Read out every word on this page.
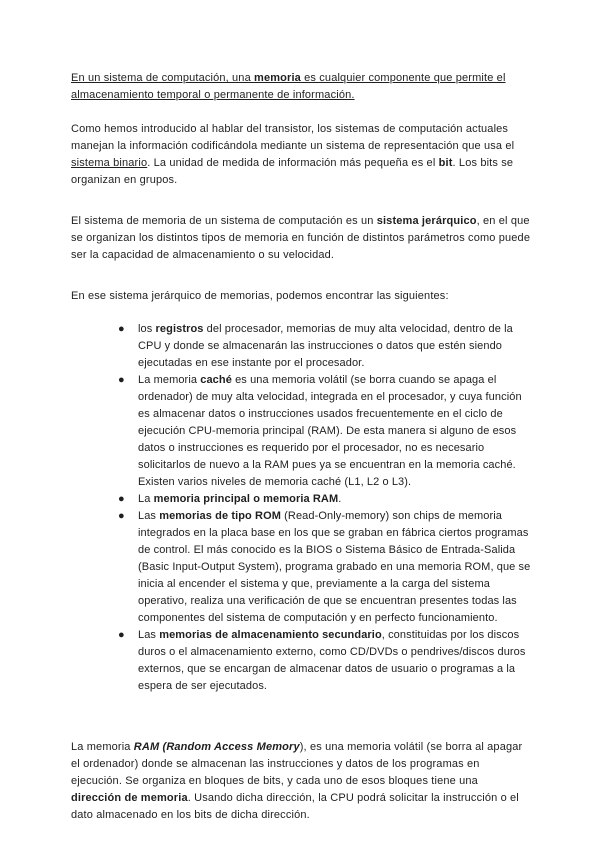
En un sistema de computación, una memoria es cualquier componente que permite el almacenamiento temporal o permanente de información.

Como hemos introducido al hablar del transistor, los sistemas de computación actuales manejan la información codificándola mediante un sistema de representación que usa el sistema binario. La unidad de medida de información más pequeña es el bit. Los bits se organizan en grupos.

El sistema de memoria de un sistema de computación es un sistema jerárquico, en el que se organizan los distintos tipos de memoria en función de distintos parámetros como puede ser la capacidad de almacenamiento o su velocidad.

En ese sistema jerárquico de memorias, podemos encontrar las siguientes:

● los registros del procesador, memorias de muy alta velocidad, dentro de la CPU y donde se almacenarán las instrucciones o datos que estén siendo ejecutadas en ese instante por el procesador.
● La memoria caché es una memoria volátil (se borra cuando se apaga el ordenador) de muy alta velocidad, integrada en el procesador, y cuya función es almacenar datos o instrucciones usados frecuentemente en el ciclo de ejecución CPU-memoria principal (RAM). De esta manera si alguno de esos datos o instrucciones es requerido por el procesador, no es necesario solicitarlos de nuevo a la RAM pues ya se encuentran en la memoria caché. Existen varios niveles de memoria caché (L1, L2 o L3).
● La memoria principal o memoria RAM.
● Las memorias de tipo ROM (Read-Only-memory) son chips de memoria integrados en la placa base en los que se graban en fábrica ciertos programas de control. El más conocido es la BIOS o Sistema Básico de Entrada-Salida (Basic Input-Output System), programa grabado en una memoria ROM, que se inicia al encender el sistema y que, previamente a la carga del sistema operativo, realiza una verificación de que se encuentran presentes todas las componentes del sistema de computación y en perfecto funcionamiento.
● Las memorias de almacenamiento secundario, constituidas por los discos duros o el almacenamiento externo, como CD/DVDs o pendrives/discos duros externos, que se encargan de almacenar datos de usuario o programas a la espera de ser ejecutados.

La memoria RAM (Random Access Memory), es una memoria volátil (se borra al apagar el ordenador) donde se almacenan las instrucciones y datos de los programas en ejecución. Se organiza en bloques de bits, y cada uno de esos bloques tiene una dirección de memoria. Usando dicha dirección, la CPU podrá solicitar la instrucción o el dato almacenado en los bits de dicha dirección.
